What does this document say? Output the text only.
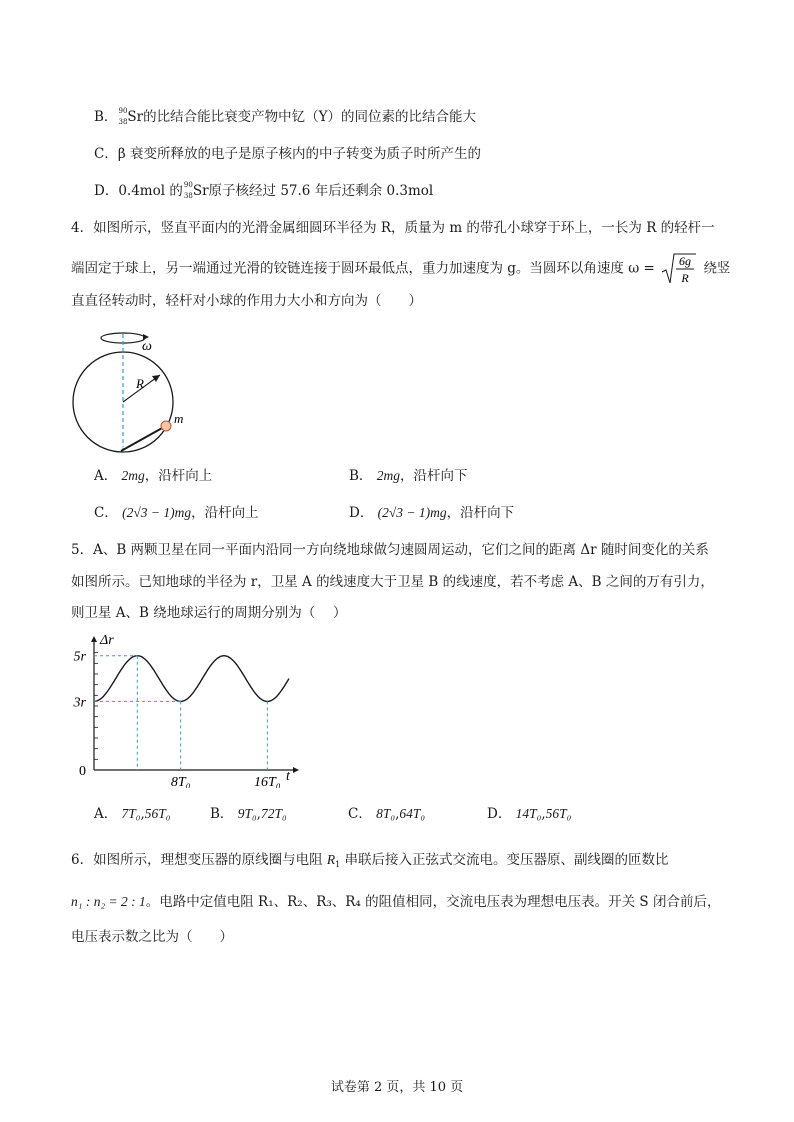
B． 90
38 Sr的比结合能比衰变产物中钇（Y）的同位素的比结合能大
C．β 衰变所释放的电子是原子核内的中子转变为质子时所产生的
D．0.4mol 的 90
38 Sr原子核经过 57.6 年后还剩余 0.3mol
4．如图所示，竖直平面内的光滑金属细圆环半径为 R，质量为 m 的带孔小球穿于环上，一长为 R 的轻杆一
端固定于球上，另一端通过光滑的铰链连接于圆环最低点，重力加速度为 g。当圆环以角速度 ω = 6g
R
绕竖
直直径转动时，轻杆对小球的作用力大小和方向为（　　）
ω
R
m
A． 2mg，沿杆向上	B． 2mg，沿杆向下
C． (2√3 − 1)mg，沿杆向上	D． (2√3 − 1)mg，沿杆向下
5．A、B 两颗卫星在同一平面内沿同一方向绕地球做匀速圆周运动，它们之间的距离 Δr 随时间变化的关系
如图所示。已知地球的半径为 r，卫星 A 的线速度大于卫星 B 的线速度，若不考虑 A、B 之间的万有引力，
则卫星 A、B 绕地球运行的周期分别为（　 ）
Δr
t
0
3r
5r
8T₀	16T₀
A． 7T₀,56T₀	B． 9T₀,72T₀	C． 8T₀,64T₀	D． 14T₀,56T₀
6．如图所示，理想变压器的原线圈与电阻 $R_1$ 串联后接入正弦式交流电。变压器原、副线圈的匝数比
n₁ : n₂ = 2 : 1。电路中定值电阻 R₁、R₂、R₃、R₄ 的阻值相同，交流电压表为理想电压表。开关 S 闭合前后，
电压表示数之比为（　　）
试卷第 2 页，共 10 页
